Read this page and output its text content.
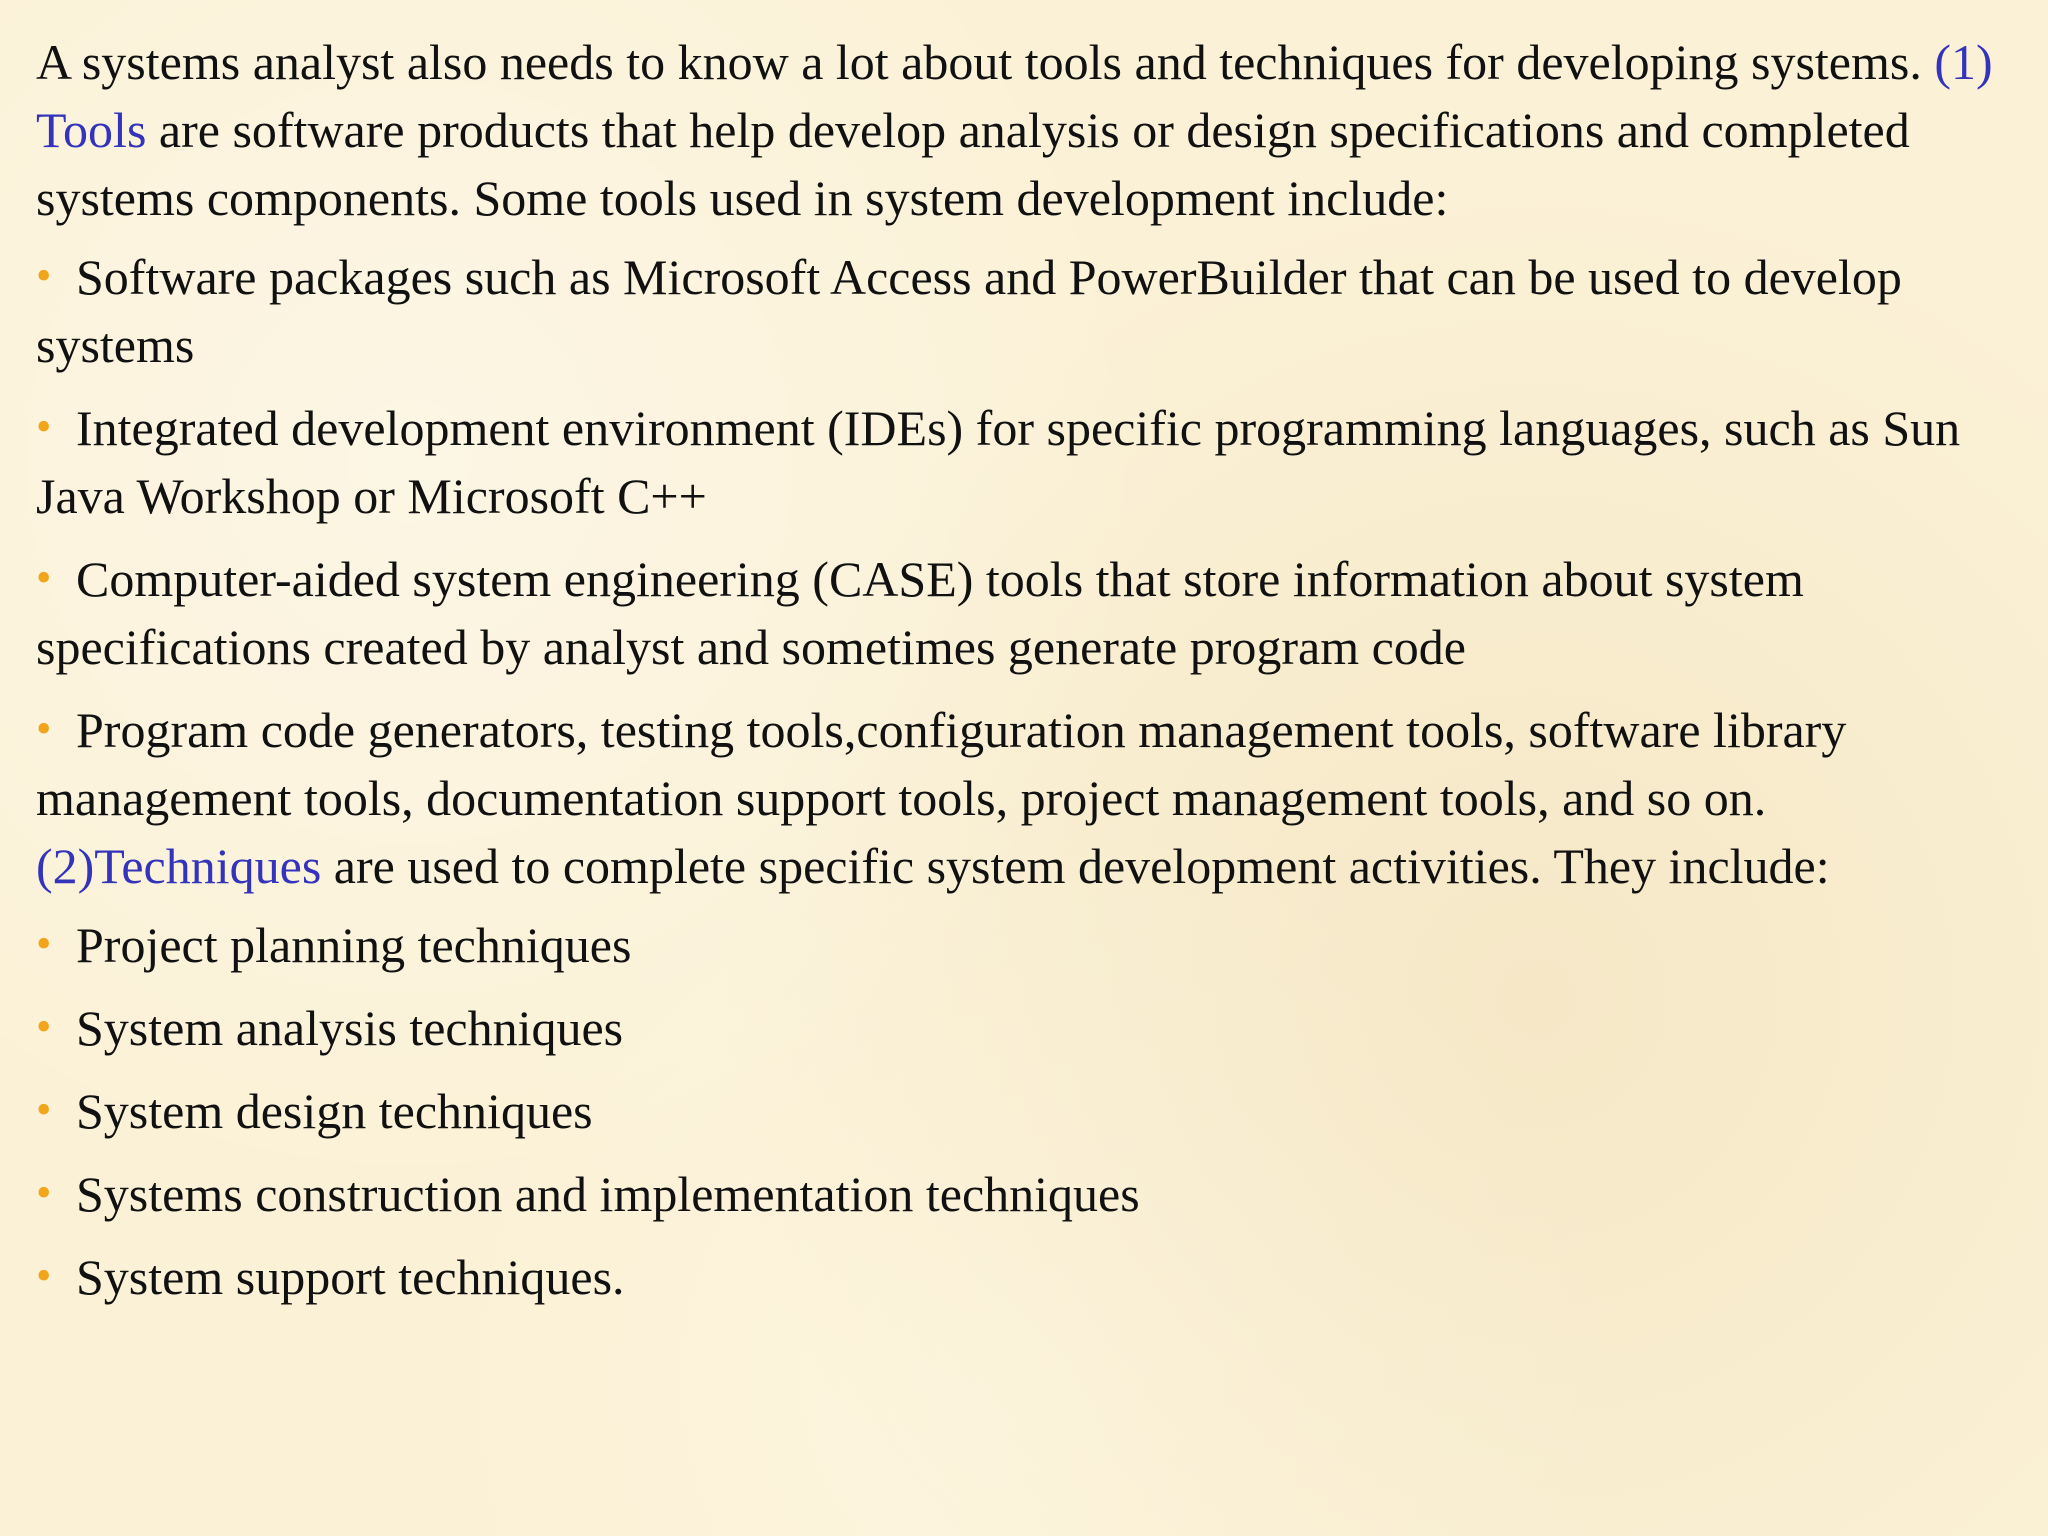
A systems analyst also needs to know a lot about tools and techniques for developing systems. (1) Tools are software products that help develop analysis or design specifications and completed systems components. Some tools used in system development include:

• Software packages such as Microsoft Access and PowerBuilder that can be used to develop systems
• Integrated development environment (IDEs) for specific programming languages, such as Sun Java Workshop or Microsoft C++
• Computer-aided system engineering (CASE) tools that store information about system specifications created by analyst and sometimes generate program code
• Program code generators, testing tools,configuration management tools, software library management tools, documentation support tools, project management tools, and so on.

(2)Techniques are used to complete specific system development activities. They include:

• Project planning techniques
• System analysis techniques
• System design techniques
• Systems construction and implementation techniques
• System support techniques.
